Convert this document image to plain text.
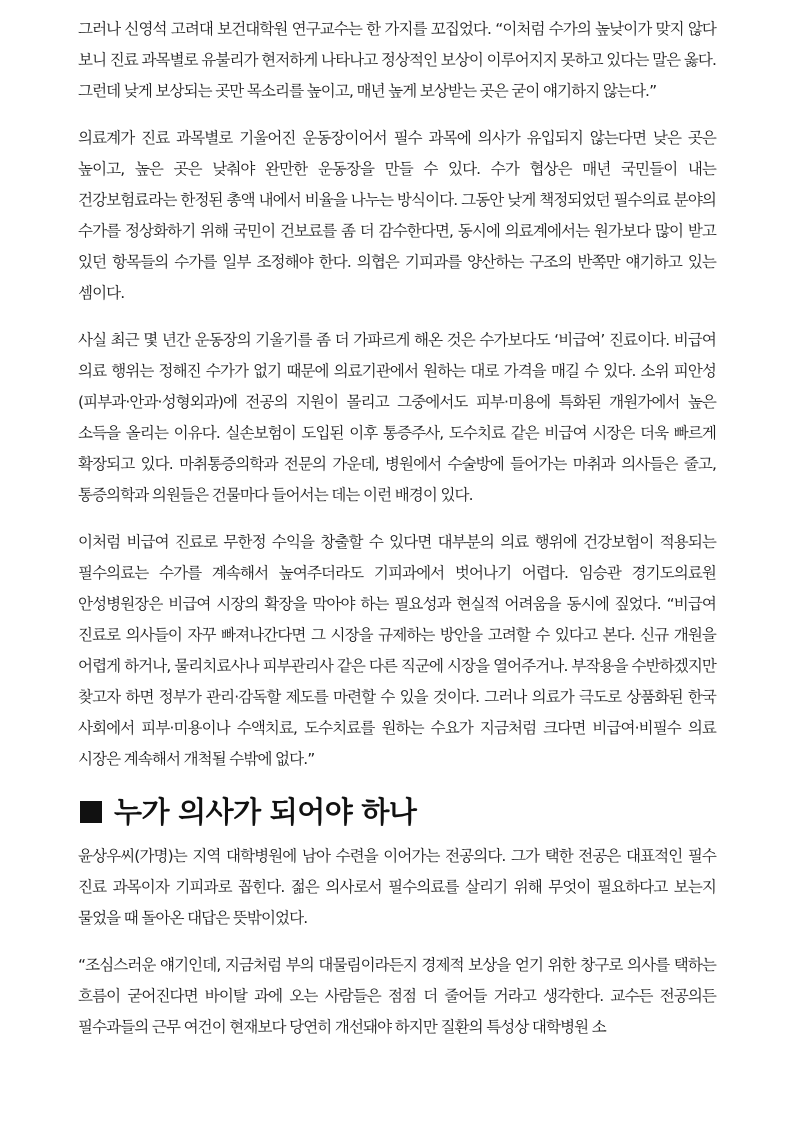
그러나 신영석 고려대 보건대학원 연구교수는 한 가지를 꼬집었다. “이처럼 수가의 높낮이가 맞지 않다 보니 진료 과목별로 유불리가 현저하게 나타나고 정상적인 보상이 이루어지지 못하고 있다는 말은 옳다. 그런데 낮게 보상되는 곳만 목소리를 높이고, 매년 높게 보상받는 곳은 굳이 얘기하지 않는다.”

의료계가 진료 과목별로 기울어진 운동장이어서 필수 과목에 의사가 유입되지 않는다면 낮은 곳은 높이고, 높은 곳은 낮춰야 완만한 운동장을 만들 수 있다. 수가 협상은 매년 국민들이 내는 건강보험료라는 한정된 총액 내에서 비율을 나누는 방식이다. 그동안 낮게 책정되었던 필수의료 분야의 수가를 정상화하기 위해 국민이 건보료를 좀 더 감수한다면, 동시에 의료계에서는 원가보다 많이 받고 있던 항목들의 수가를 일부 조정해야 한다. 의협은 기피과를 양산하는 구조의 반쪽만 얘기하고 있는 셈이다.

사실 최근 몇 년간 운동장의 기울기를 좀 더 가파르게 해온 것은 수가보다도 ‘비급여’ 진료이다. 비급여 의료 행위는 정해진 수가가 없기 때문에 의료기관에서 원하는 대로 가격을 매길 수 있다. 소위 피안성(피부과·안과·성형외과)에 전공의 지원이 몰리고 그중에서도 피부·미용에 특화된 개원가에서 높은 소득을 올리는 이유다. 실손보험이 도입된 이후 통증주사, 도수치료 같은 비급여 시장은 더욱 빠르게 확장되고 있다. 마취통증의학과 전문의 가운데, 병원에서 수술방에 들어가는 마취과 의사들은 줄고, 통증의학과 의원들은 건물마다 들어서는 데는 이런 배경이 있다.

이처럼 비급여 진료로 무한정 수익을 창출할 수 있다면 대부분의 의료 행위에 건강보험이 적용되는 필수의료는 수가를 계속해서 높여주더라도 기피과에서 벗어나기 어렵다. 임승관 경기도의료원 안성병원장은 비급여 시장의 확장을 막아야 하는 필요성과 현실적 어려움을 동시에 짚었다. “비급여 진료로 의사들이 자꾸 빠져나간다면 그 시장을 규제하는 방안을 고려할 수 있다고 본다. 신규 개원을 어렵게 하거나, 물리치료사나 피부관리사 같은 다른 직군에 시장을 열어주거나. 부작용을 수반하겠지만 찾고자 하면 정부가 관리·감독할 제도를 마련할 수 있을 것이다. 그러나 의료가 극도로 상품화된 한국 사회에서 피부·미용이나 수액치료, 도수치료를 원하는 수요가 지금처럼 크다면 비급여·비필수 의료 시장은 계속해서 개척될 수밖에 없다.”

누가 의사가 되어야 하나

윤상우씨(가명)는 지역 대학병원에 남아 수련을 이어가는 전공의다. 그가 택한 전공은 대표적인 필수 진료 과목이자 기피과로 꼽힌다. 젊은 의사로서 필수의료를 살리기 위해 무엇이 필요하다고 보는지 물었을 때 돌아온 대답은 뜻밖이었다.

“조심스러운 얘기인데, 지금처럼 부의 대물림이라든지 경제적 보상을 얻기 위한 창구로 의사를 택하는 흐름이 굳어진다면 바이탈 과에 오는 사람들은 점점 더 줄어들 거라고 생각한다. 교수든 전공의든 필수과들의 근무 여건이 현재보다 당연히 개선돼야 하지만 질환의 특성상 대학병원 소
